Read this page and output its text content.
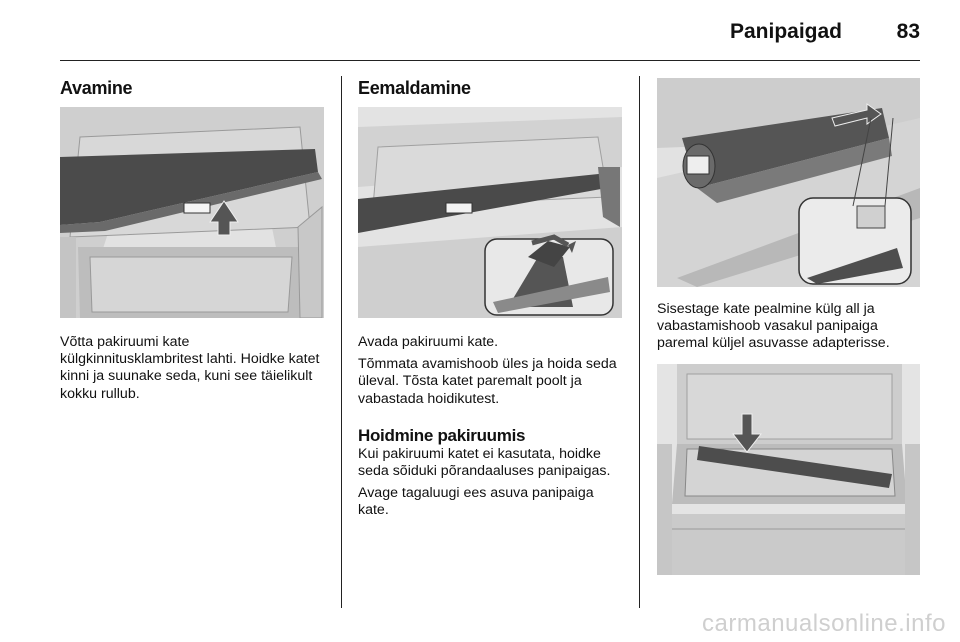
Panipaigad	83
Avamine

Võtta pakiruumi kate külgkinnitusklambritest lahti. Hoidke katet kinni ja suunake seda, kuni see täielikult kokku rullub.

Eemaldamine

Avada pakiruumi kate.

Tõmmata avamishoob üles ja hoida seda üleval. Tõsta katet paremalt poolt ja vabastada hoidikutest.

Hoidmine pakiruumis

Kui pakiruumi katet ei kasutata, hoidke seda sõiduki põrandaaluses panipaigas.

Avage tagaluugi ees asuva panipaiga kate.

Sisestage kate pealmine külg all ja vabastamishoob vasakul panipaiga paremal küljel asuvasse adapterisse.

carmanualsonline.info
